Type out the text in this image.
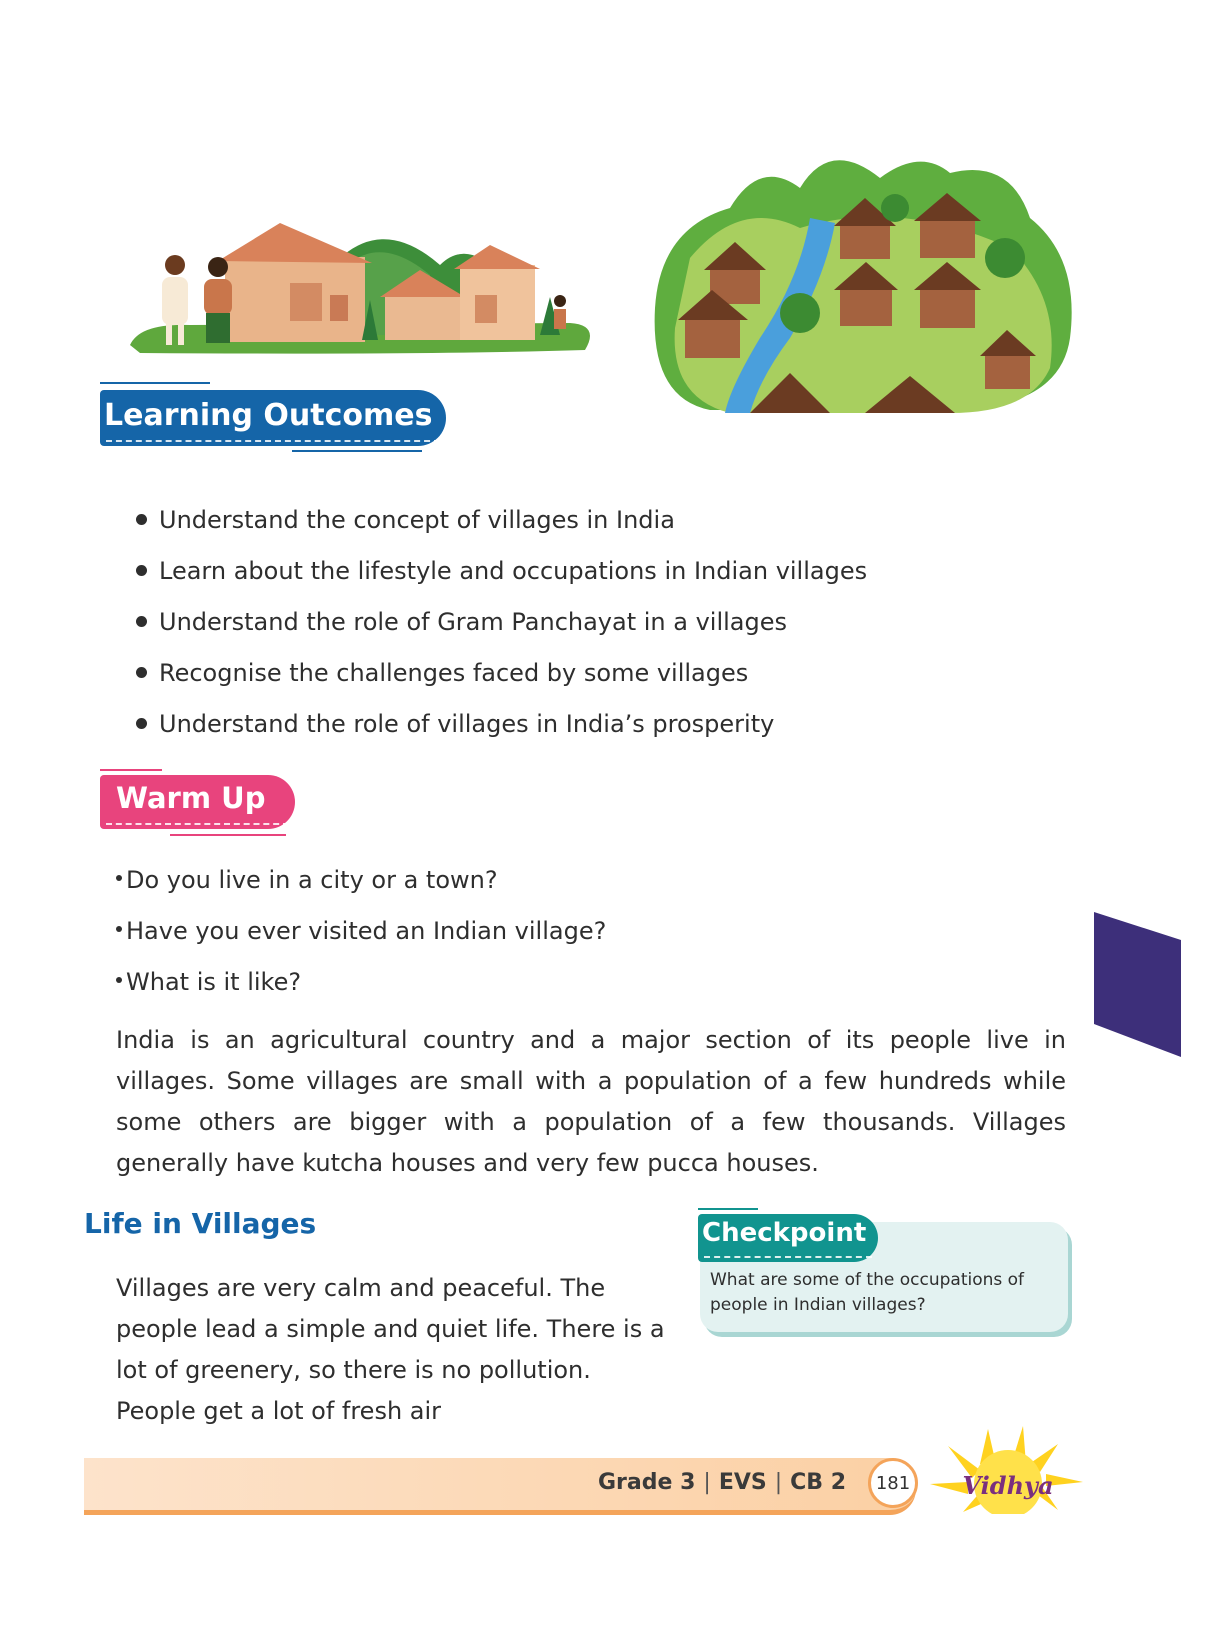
Learning Outcomes
Understand the concept of villages in India
Learn about the lifestyle and occupations in Indian villages
Understand the role of Gram Panchayat in a villages
Recognise the challenges faced by some villages
Understand the role of villages in India’s prosperity
Warm Up
Do you live in a city or a town?
Have you ever visited an Indian village?
What is it like?

India is an agricultural country and a major section of its people live in villages. Some villages are small with a population of a few hundreds while some others are bigger with a population of a few thousands. Villages generally have kutcha houses and very few pucca houses.

Life in Villages

Villages are very calm and peaceful. The people lead a simple and quiet life. There is a lot of greenery, so there is no pollution. People get a lot of fresh air

Checkpoint

What are some of the occupations of people in Indian villages?

Grade 3 | EVS | CB 2	181	Vidhya
